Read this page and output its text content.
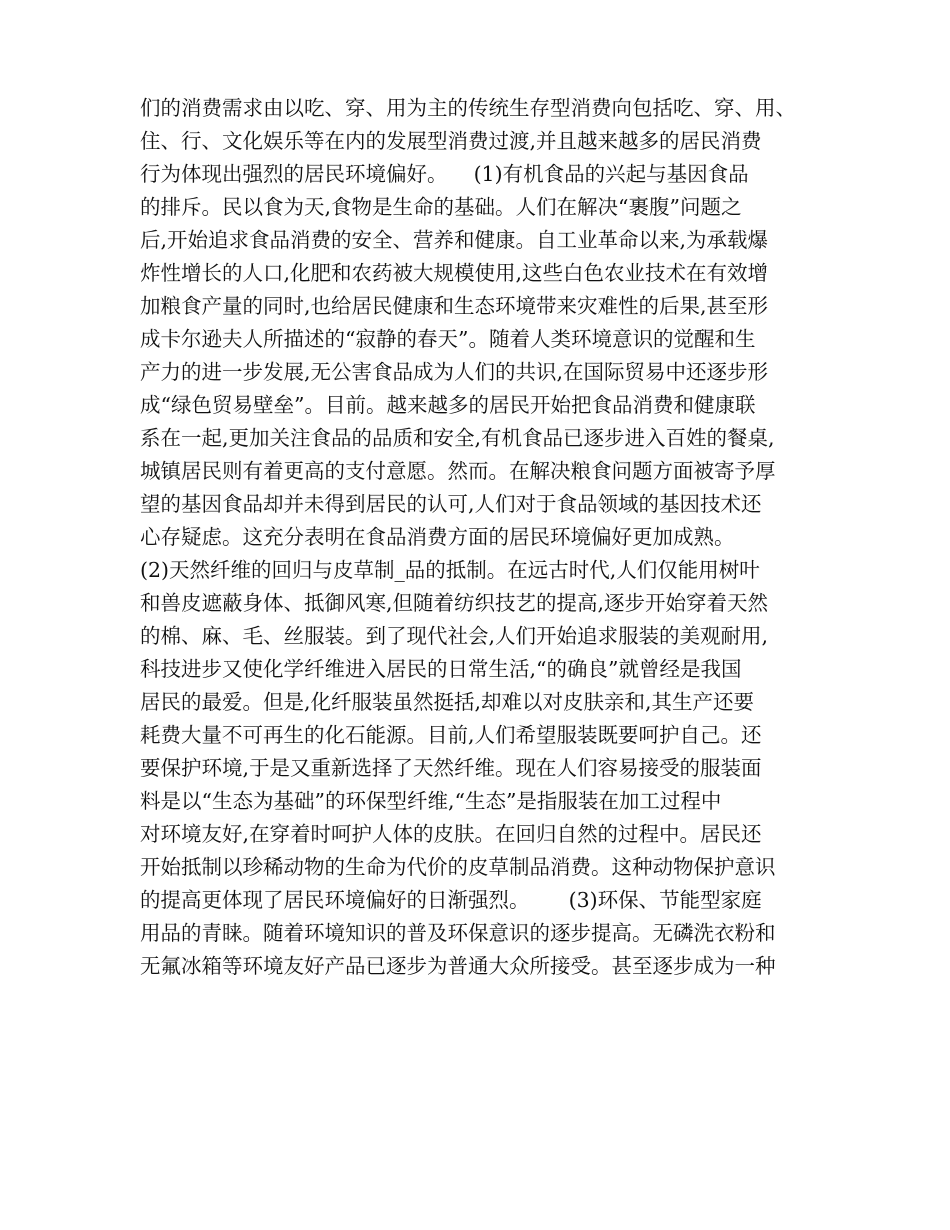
们的消费需求由以吃、穿、用为主的传统生存型消费向包括吃、穿、用、
住、行、文化娱乐等在内的发展型消费过渡,并且越来越多的居民消费
行为体现出强烈的居民环境偏好。    (1)有机食品的兴起与基因食品
的排斥。民以食为天,食物是生命的基础。人们在解决“裹腹”问题之
后,开始追求食品消费的安全、营养和健康。自工业革命以来,为承载爆
炸性增长的人口,化肥和农药被大规模使用,这些白色农业技术在有效增
加粮食产量的同时,也给居民健康和生态环境带来灾难性的后果,甚至形
成卡尔逊夫人所描述的“寂静的春天”。随着人类环境意识的觉醒和生
产力的进一步发展,无公害食品成为人们的共识,在国际贸易中还逐步形
成“绿色贸易壁垒”。目前。越来越多的居民开始把食品消费和健康联
系在一起,更加关注食品的品质和安全,有机食品已逐步进入百姓的餐桌,
城镇居民则有着更高的支付意愿。然而。在解决粮食问题方面被寄予厚
望的基因食品却并未得到居民的认可,人们对于食品领域的基因技术还
心存疑虑。这充分表明在食品消费方面的居民环境偏好更加成熟。
(2)天然纤维的回归与皮草制_品的抵制。在远古时代,人们仅能用树叶
和兽皮遮蔽身体、抵御风寒,但随着纺织技艺的提高,逐步开始穿着天然
的棉、麻、毛、丝服装。到了现代社会,人们开始追求服装的美观耐用,
科技进步又使化学纤维进入居民的日常生活,“的确良”就曾经是我国
居民的最爱。但是,化纤服装虽然挺括,却难以对皮肤亲和,其生产还要
耗费大量不可再生的化石能源。目前,人们希望服装既要呵护自己。还
要保护环境,于是又重新选择了天然纤维。现在人们容易接受的服装面
料是以“生态为基础”的环保型纤维,“生态”是指服装在加工过程中
对环境友好,在穿着时呵护人体的皮肤。在回归自然的过程中。居民还
开始抵制以珍稀动物的生命为代价的皮草制品消费。这种动物保护意识
的提高更体现了居民环境偏好的日渐强烈。      (3)环保、节能型家庭
用品的青睐。随着环境知识的普及环保意识的逐步提高。无磷洗衣粉和
无氟冰箱等环境友好产品已逐步为普通大众所接受。甚至逐步成为一种
